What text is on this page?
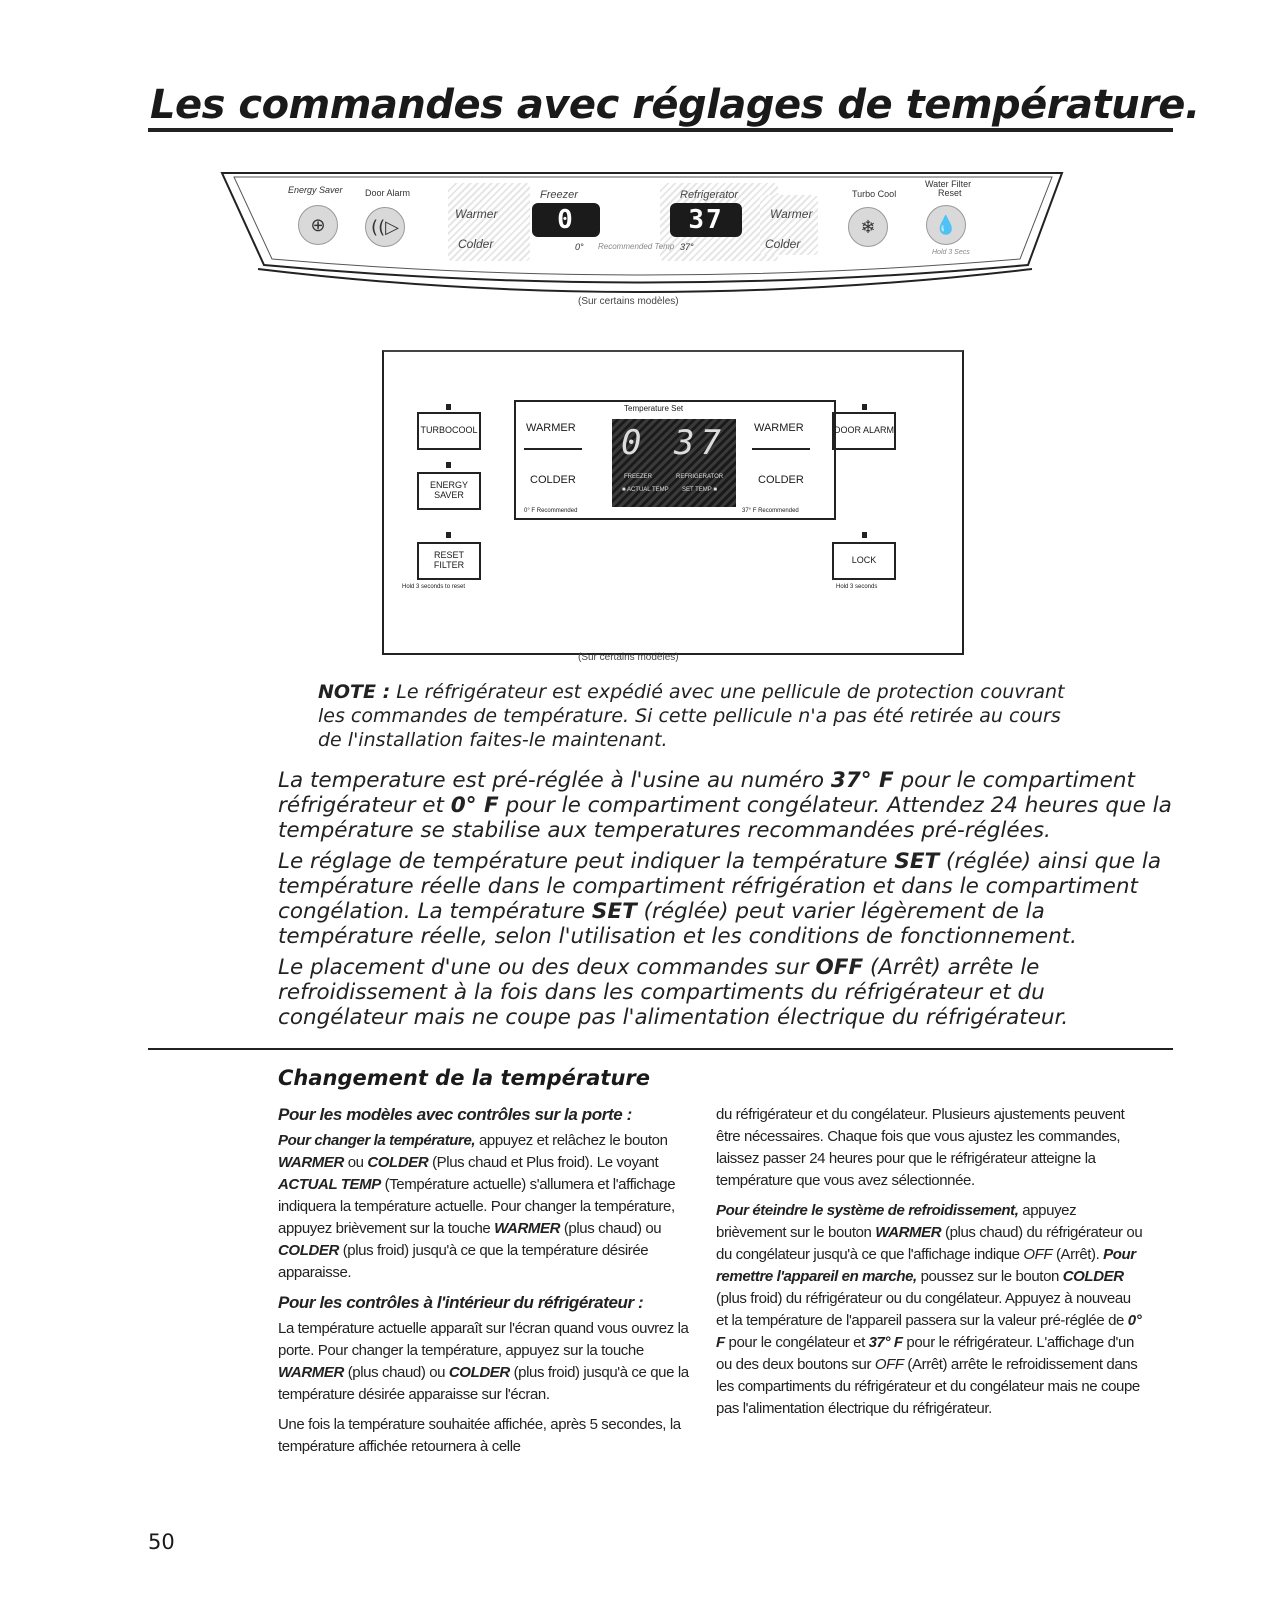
Les commandes avec réglages de température.
Energy Saver Door Alarm
⊕	((▷
Freezer	Refrigerator
Warmer
Colder
Warmer
Colder
0	37
0° Recommended Temp 37°
Turbo Cool
Water Filter
Reset
❄	💧
Hold 3 Secs
(Sur certains modèles)
TURBOCOOL
ENERGY SAVER
RESET FILTER
Hold 3 seconds to reset
Temperature Set
WARMER
COLDER
WARMER
COLDER
0 37
FREEZER	REFRIGERATOR
■ ACTUAL TEMP SET TEMP ■
0° F Recommended	37° F Recommended
DOOR ALARM
LOCK
Hold 3 seconds
(Sur certains modèles)
NOTE : Le réfrigérateur est expédié avec une pellicule de protection couvrant les commandes de température. Si cette pellicule n'a pas été retirée au cours de l'installation faites-le maintenant.
La temperature est pré-réglée à l'usine au numéro 37° F pour le compartiment réfrigérateur et 0° F pour le compartiment congélateur. Attendez 24 heures que la température se stabilise aux temperatures recommandées pré-réglées.
Le réglage de température peut indiquer la température SET (réglée) ainsi que la température réelle dans le compartiment réfrigération et dans le compartiment congélation. La température SET (réglée) peut varier légèrement de la température réelle, selon l'utilisation et les conditions de fonctionnement.
Le placement d'une ou des deux commandes sur OFF (Arrêt) arrête le refroidissement à la fois dans les compartiments du réfrigérateur et du congélateur mais ne coupe pas l'alimentation électrique du réfrigérateur.
Changement de la température
Pour les modèles avec contrôles sur la porte :

Pour changer la température, appuyez et relâchez le bouton WARMER ou COLDER (Plus chaud et Plus froid). Le voyant ACTUAL TEMP (Température actuelle) s'allumera et l'affichage indiquera la température actuelle. Pour changer la température, appuyez brièvement sur la touche WARMER (plus chaud) ou COLDER (plus froid) jusqu'à ce que la température désirée apparaisse.

Pour les contrôles à l'intérieur du réfrigérateur :

La température actuelle apparaît sur l'écran quand vous ouvrez la porte. Pour changer la température, appuyez sur la touche WARMER (plus chaud) ou COLDER (plus froid) jusqu'à ce que la température désirée apparaisse sur l'écran.

Une fois la température souhaitée affichée, après 5 secondes, la température affichée retournera à celle

du réfrigérateur et du congélateur. Plusieurs ajustements peuvent être nécessaires. Chaque fois que vous ajustez les commandes, laissez passer 24 heures pour que le réfrigérateur atteigne la température que vous avez sélectionnée.

Pour éteindre le système de refroidissement, appuyez brièvement sur le bouton WARMER (plus chaud) du réfrigérateur ou du congélateur jusqu'à ce que l'affichage indique OFF (Arrêt). Pour remettre l'appareil en marche, poussez sur le bouton COLDER (plus froid) du réfrigérateur ou du congélateur. Appuyez à nouveau et la température de l'appareil passera sur la valeur pré-réglée de 0° F pour le congélateur et 37° F pour le réfrigérateur. L'affichage d'un ou des deux boutons sur OFF (Arrêt) arrête le refroidissement dans les compartiments du réfrigérateur et du congélateur mais ne coupe pas l'alimentation électrique du réfrigérateur.

50
